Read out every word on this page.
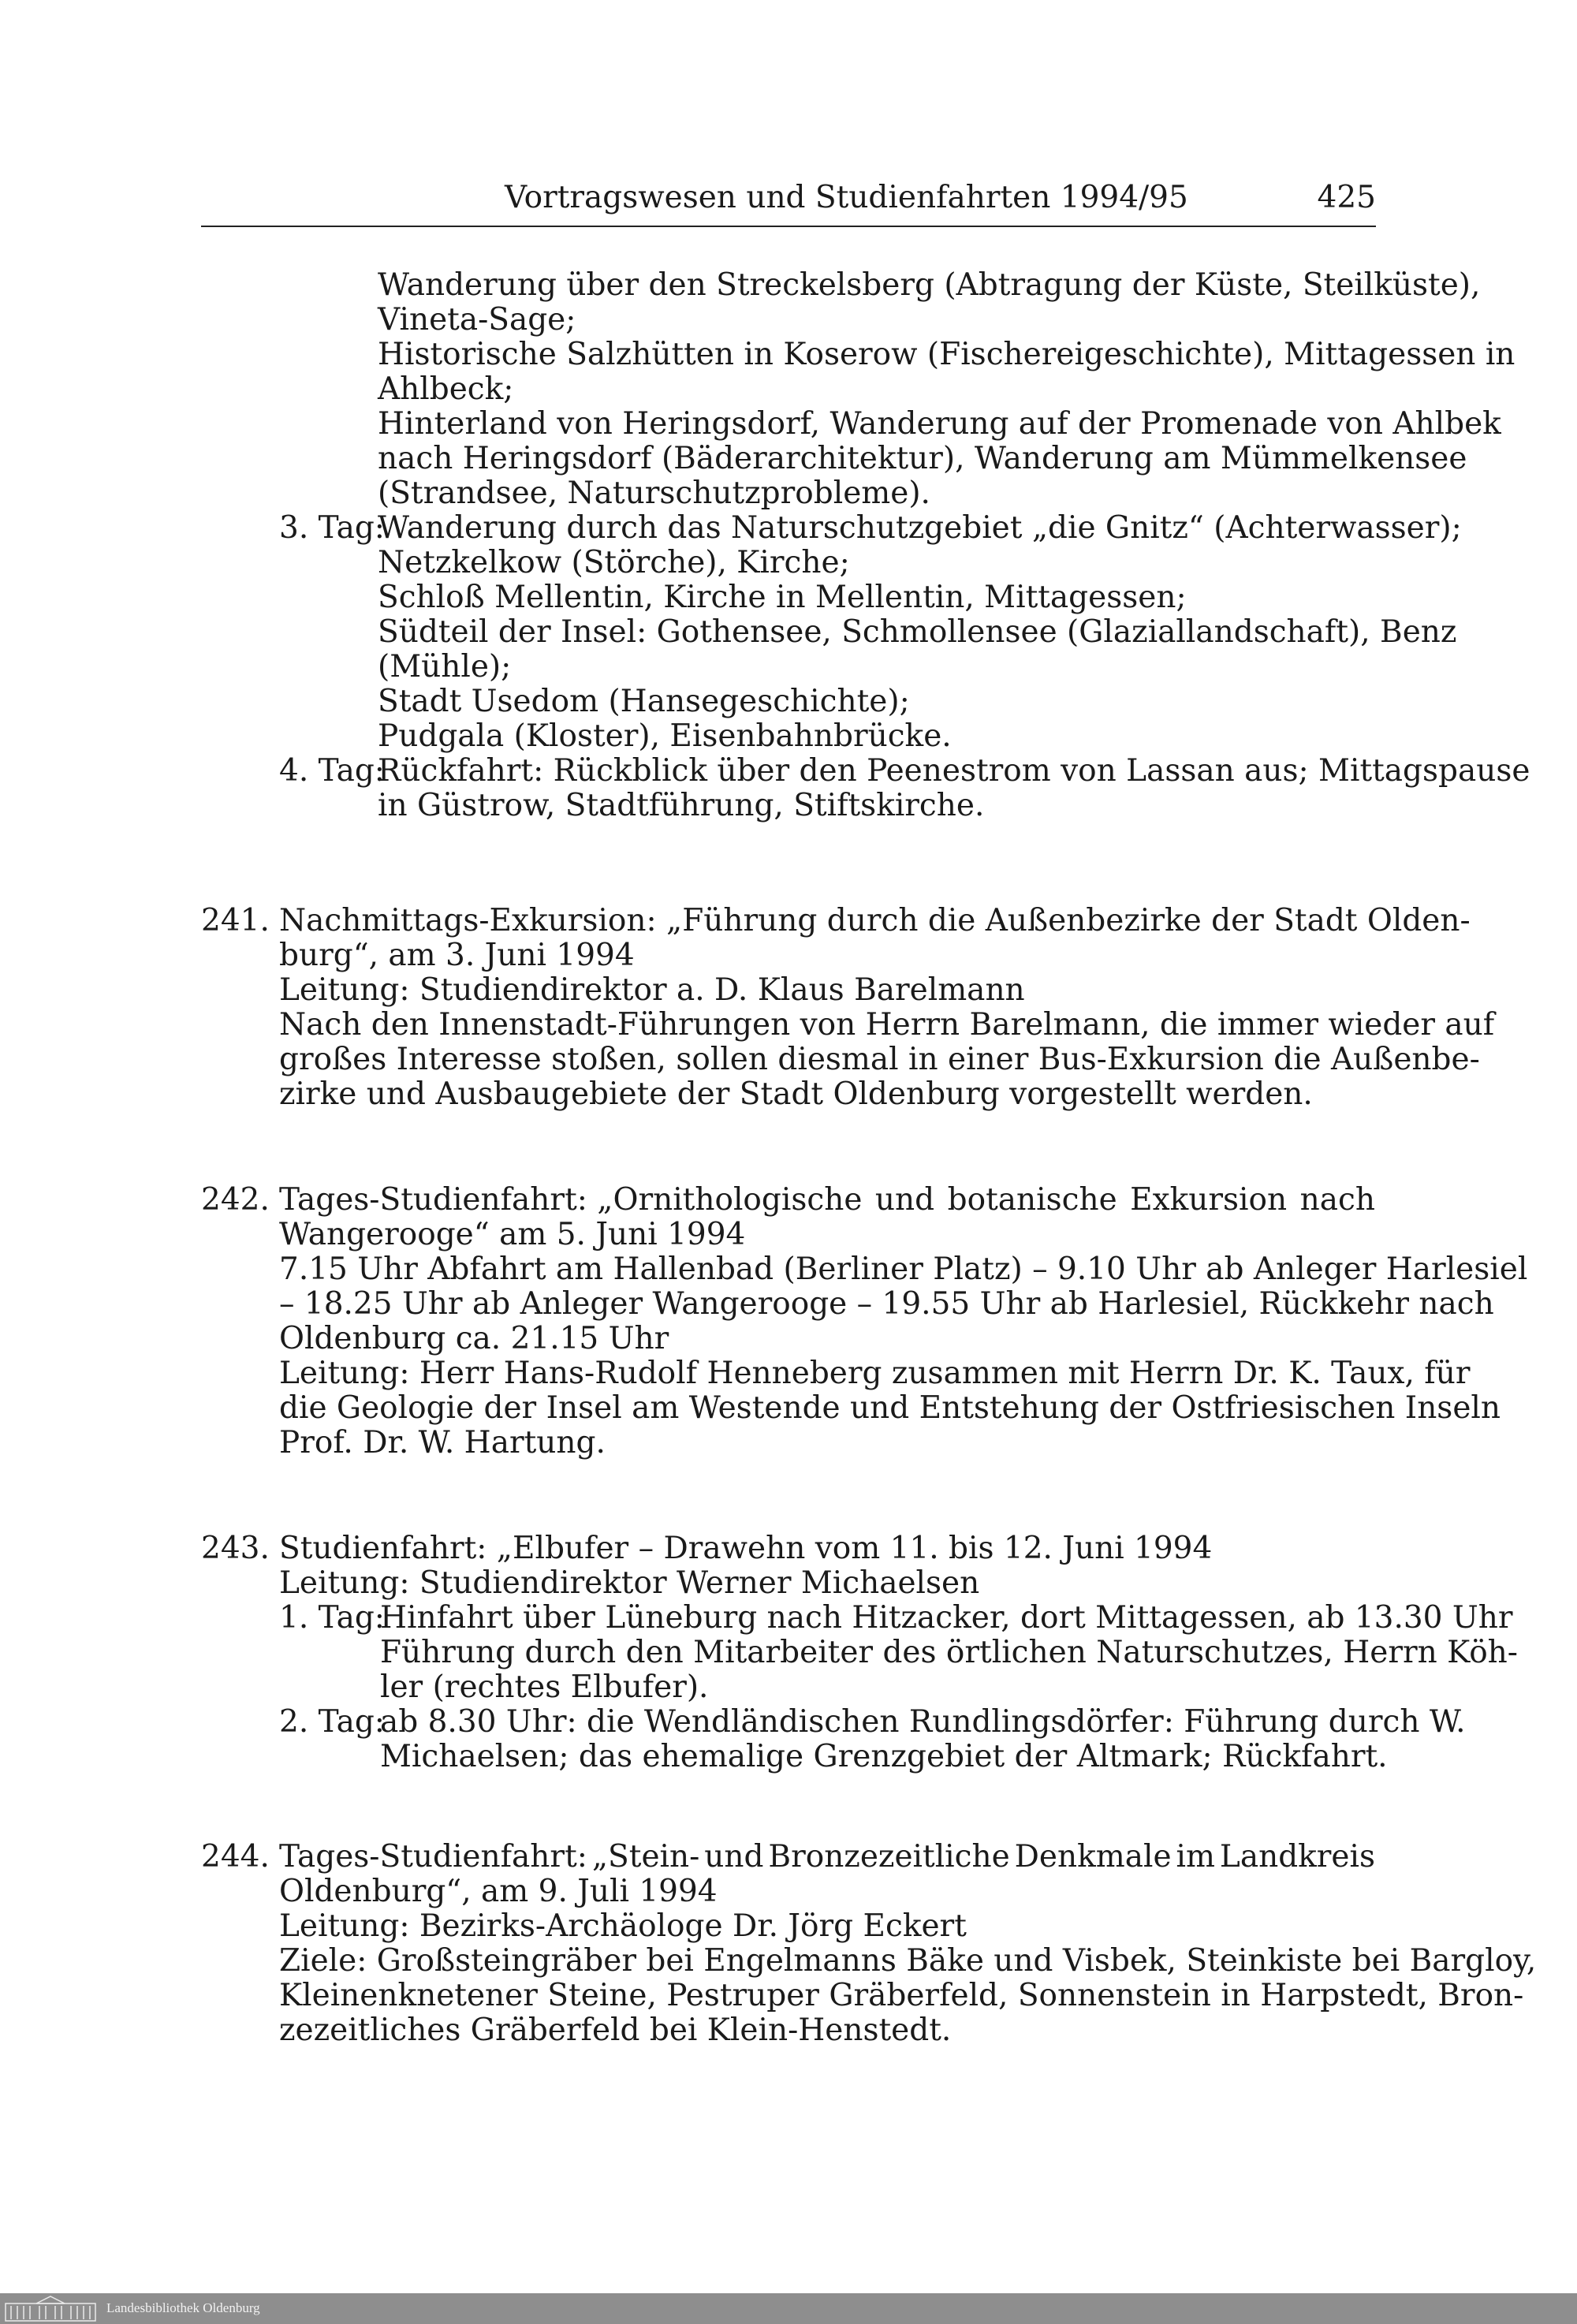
Vortragswesen und Studienfahrten 1994/95	425
Wanderung über den Streckelsberg (Abtragung der Küste, Steilküste),
Vineta-Sage;
Historische Salzhütten in Koserow (Fischereigeschichte), Mittagessen in
Ahlbeck;
Hinterland von Heringsdorf, Wanderung auf der Promenade von Ahlbek
nach Heringsdorf (Bäderarchitektur), Wanderung am Mümmelkensee
(Strandsee, Naturschutzprobleme).
3. Tag:
Wanderung durch das Naturschutzgebiet „die Gnitz“ (Achterwasser);
Netzkelkow (Störche), Kirche;
Schloß Mellentin, Kirche in Mellentin, Mittagessen;
Südteil der Insel: Gothensee, Schmollensee (Glaziallandschaft), Benz
(Mühle);
Stadt Usedom (Hansegeschichte);
Pudgala (Kloster), Eisenbahnbrücke.
4. Tag:
Rückfahrt: Rückblick über den Peenestrom von Lassan aus; Mittagspause
in Güstrow, Stadtführung, Stiftskirche.
241. Nachmittags-Exkursion: „Führung durch die Außenbezirke der Stadt Olden-
burg“, am 3. Juni 1994
Leitung: Studiendirektor a. D. Klaus Barelmann
Nach den Innenstadt-Führungen von Herrn Barelmann, die immer wieder auf
großes Interesse stoßen, sollen diesmal in einer Bus-Exkursion die Außenbe-
zirke und Ausbaugebiete der Stadt Oldenburg vorgestellt werden.
242. Tages-Studienfahrt: „Ornithologische und botanische Exkursion nach
Wangerooge“ am 5. Juni 1994
7.15 Uhr Abfahrt am Hallenbad (Berliner Platz) – 9.10 Uhr ab Anleger Harlesiel
– 18.25 Uhr ab Anleger Wangerooge – 19.55 Uhr ab Harlesiel, Rückkehr nach
Oldenburg ca. 21.15 Uhr
Leitung: Herr Hans-Rudolf Henneberg zusammen mit Herrn Dr. K. Taux, für
die Geologie der Insel am Westende und Entstehung der Ostfriesischen Inseln
Prof. Dr. W. Hartung.
243. Studienfahrt: „Elbufer – Drawehn vom 11. bis 12. Juni 1994
Leitung: Studiendirektor Werner Michaelsen
1. Tag:
Hinfahrt über Lüneburg nach Hitzacker, dort Mittagessen, ab 13.30 Uhr
Führung durch den Mitarbeiter des örtlichen Naturschutzes, Herrn Köh-
ler (rechtes Elbufer).
2. Tag:
ab 8.30 Uhr: die Wendländischen Rundlingsdörfer: Führung durch W.
Michaelsen; das ehemalige Grenzgebiet der Altmark; Rückfahrt.
244. Tages-Studienfahrt: „Stein- und Bronzezeitliche Denkmale im Landkreis
Oldenburg“, am 9. Juli 1994
Leitung: Bezirks-Archäologe Dr. Jörg Eckert
Ziele: Großsteingräber bei Engelmanns Bäke und Visbek, Steinkiste bei Bargloy,
Kleinenknetener Steine, Pestruper Gräberfeld, Sonnenstein in Harpstedt, Bron-
zezeitliches Gräberfeld bei Klein-Henstedt.
Landesbibliothek Oldenburg
